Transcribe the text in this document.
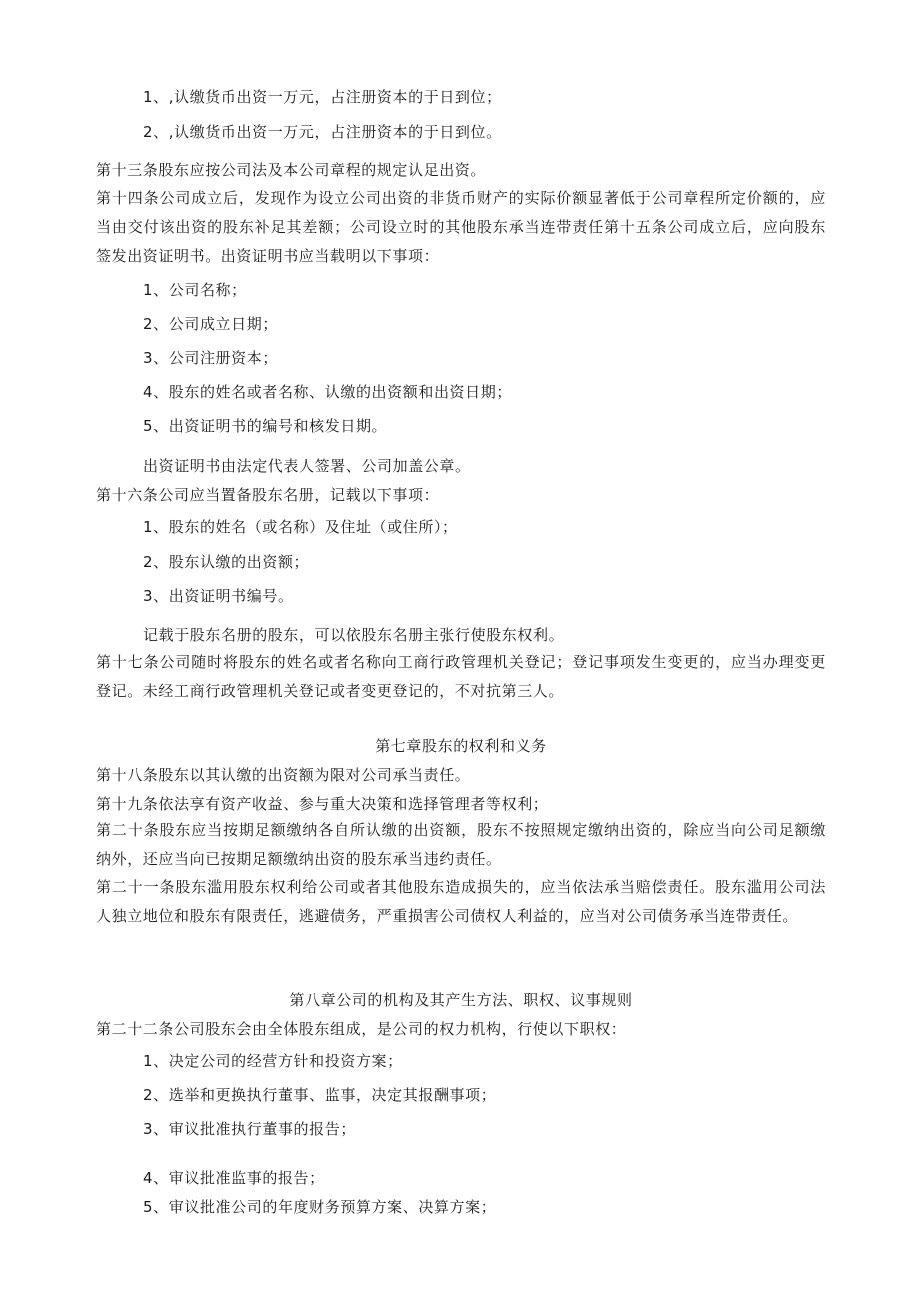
1、,认缴货币出资一万元，占注册资本的于日到位；
2、,认缴货币出资一万元，占注册资本的于日到位。
第十三条股东应按公司法及本公司章程的规定认足出资。
第十四条公司成立后，发现作为设立公司出资的非货币财产的实际价额显著低于公司章程所定价额的，应当由交付该出资的股东补足其差额；公司设立时的其他股东承当连带责任第十五条公司成立后，应向股东签发出资证明书。出资证明书应当载明以下事项：
1、公司名称；
2、公司成立日期；
3、公司注册资本；
4、股东的姓名或者名称、认缴的出资额和出资日期；
5、出资证明书的编号和核发日期。
出资证明书由法定代表人签署、公司加盖公章。
第十六条公司应当置备股东名册，记载以下事项：
1、股东的姓名（或名称）及住址（或住所）；
2、股东认缴的出资额；
3、出资证明书编号。
记载于股东名册的股东，可以依股东名册主张行使股东权利。
第十七条公司随时将股东的姓名或者名称向工商行政管理机关登记；登记事项发生变更的，应当办理变更登记。未经工商行政管理机关登记或者变更登记的，不对抗第三人。
第七章股东的权利和义务
第十八条股东以其认缴的出资额为限对公司承当责任。
第十九条依法享有资产收益、参与重大决策和选择管理者等权利；
第二十条股东应当按期足额缴纳各自所认缴的出资额，股东不按照规定缴纳出资的，除应当向公司足额缴纳外，还应当向已按期足额缴纳出资的股东承当违约责任。
第二十一条股东滥用股东权利给公司或者其他股东造成损失的，应当依法承当赔偿责任。股东滥用公司法人独立地位和股东有限责任，逃避债务，严重损害公司债权人利益的，应当对公司债务承当连带责任。
第八章公司的机构及其产生方法、职权、议事规则
第二十二条公司股东会由全体股东组成，是公司的权力机构，行使以下职权：
1、决定公司的经营方针和投资方案；
2、选举和更换执行董事、监事，决定其报酬事项；
3、审议批准执行董事的报告；
4、审议批准监事的报告；
5、审议批准公司的年度财务预算方案、决算方案；
